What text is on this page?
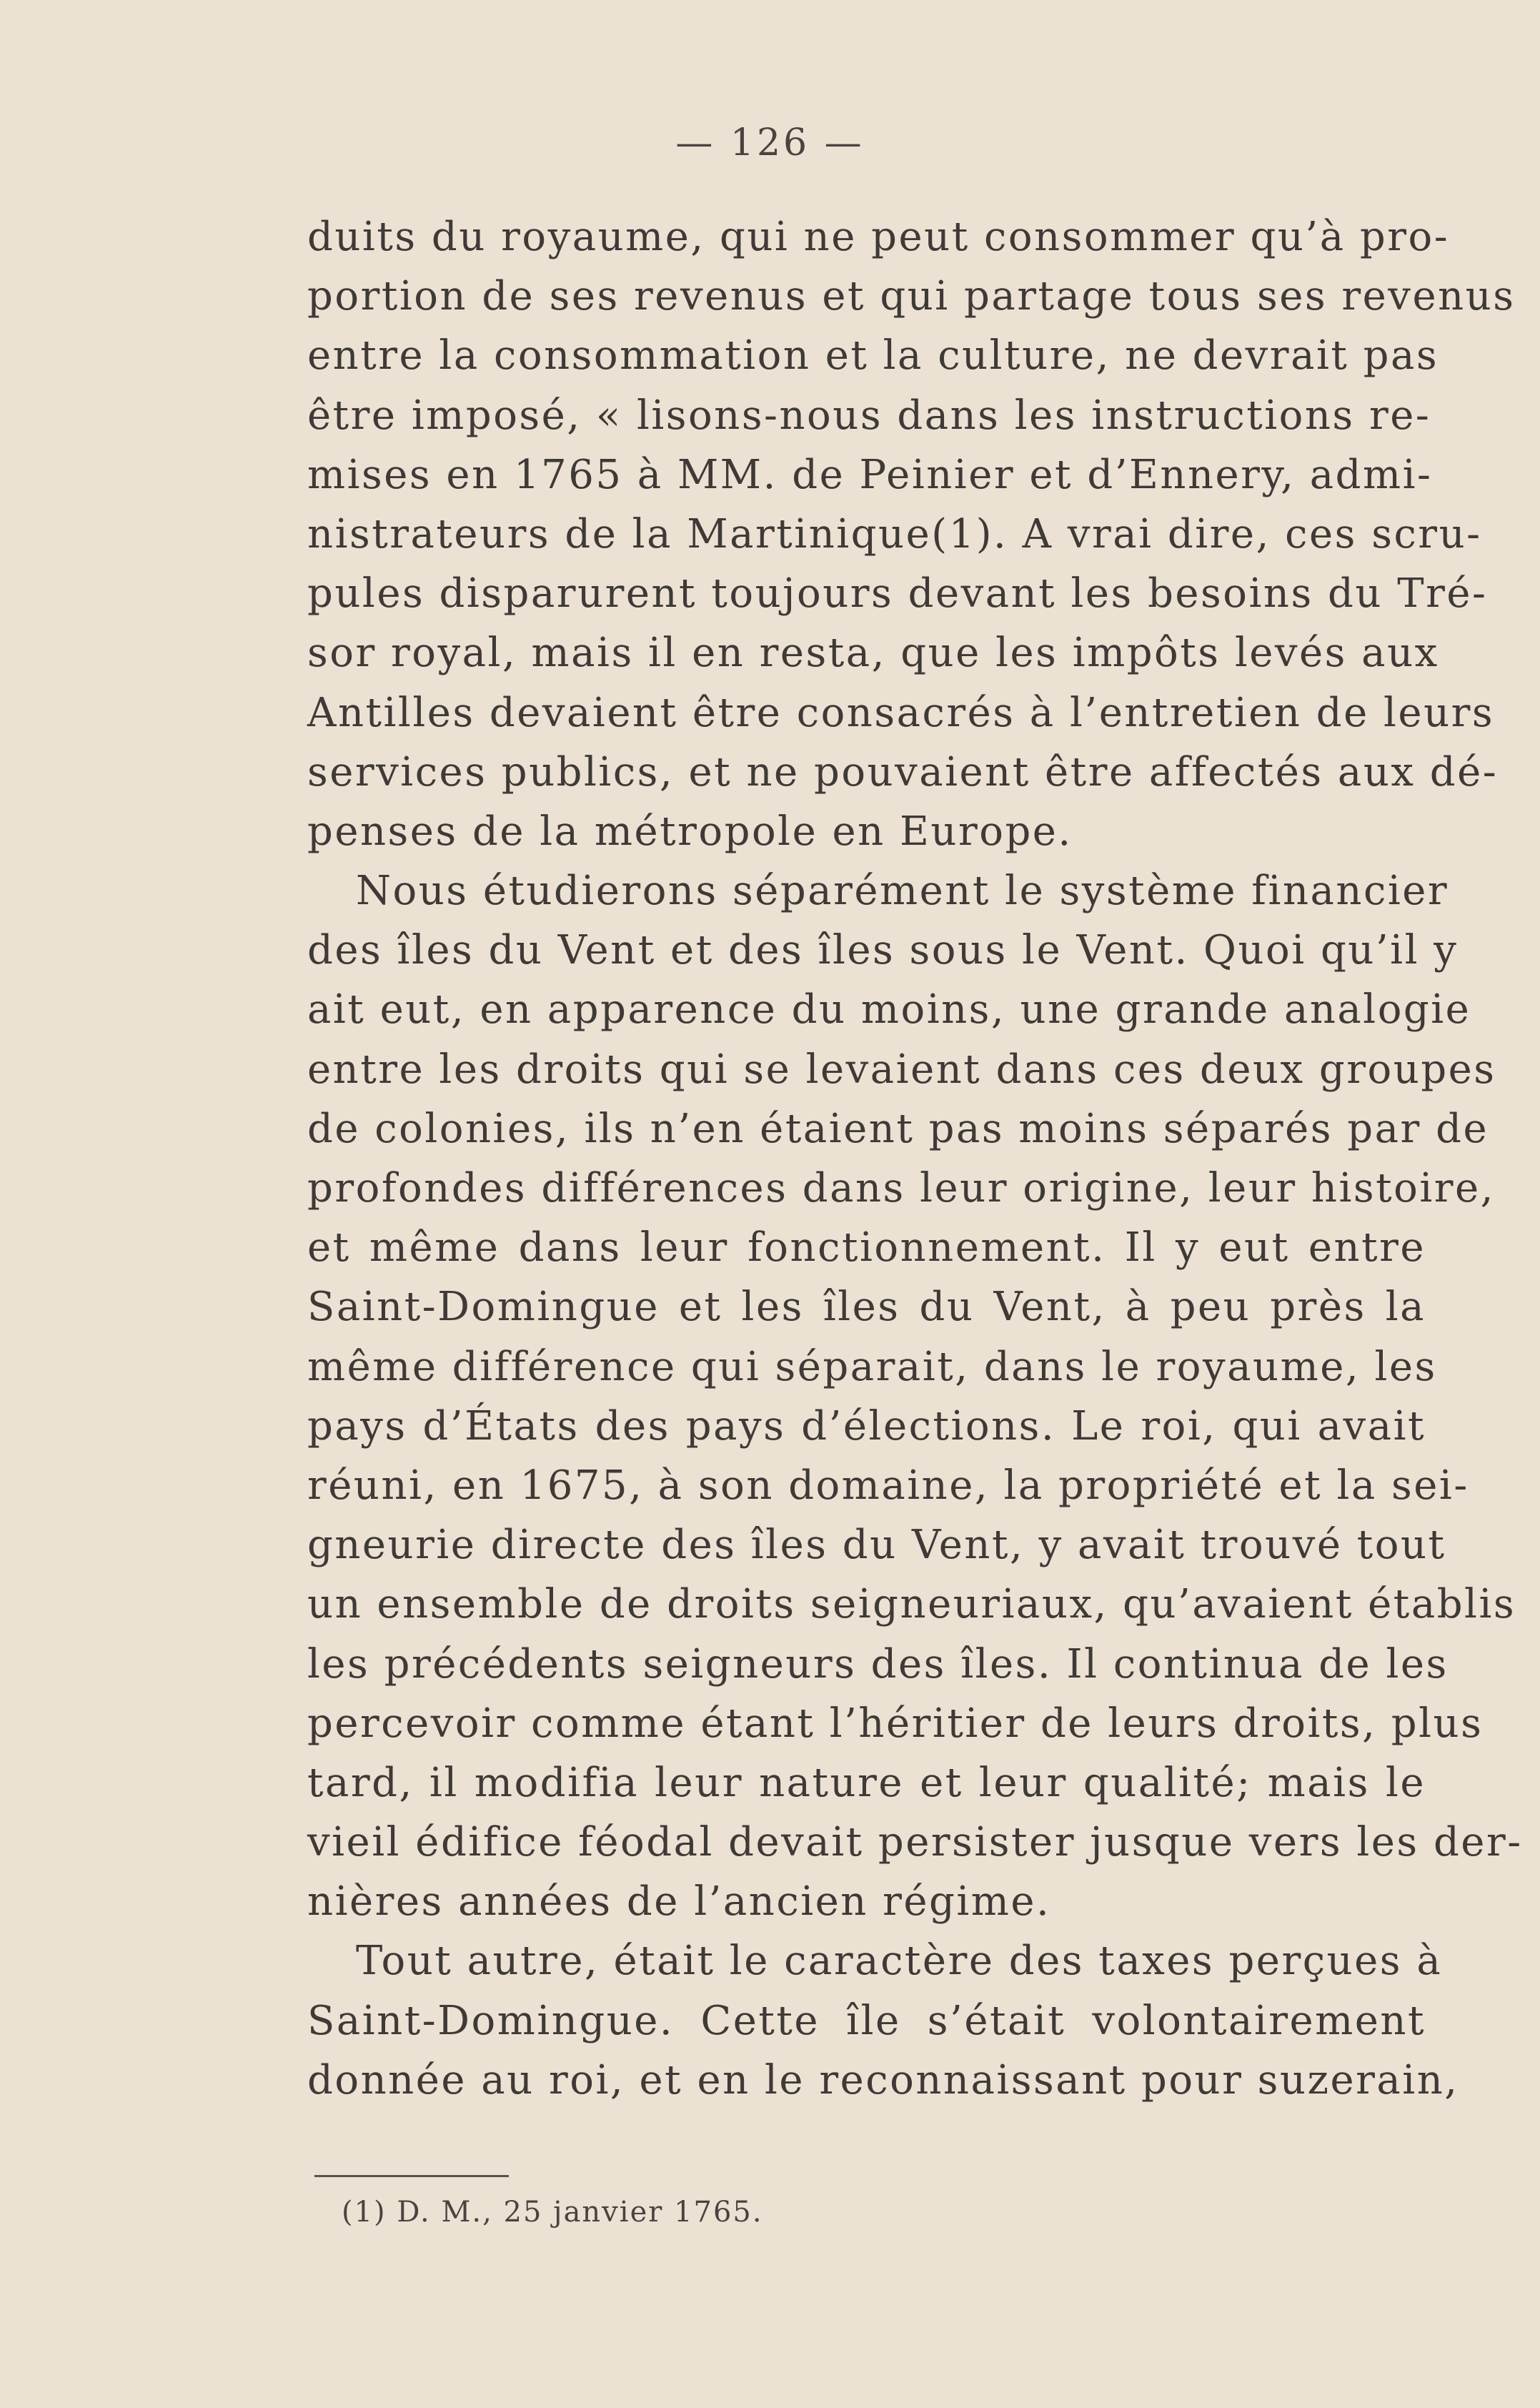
— 126 —
duits du royaume, qui ne peut consommer qu’à pro-
portion de ses revenus et qui partage tous ses revenus
entre la consommation et la culture, ne devrait pas
être imposé, « lisons-nous dans les instructions re-
mises en 1765 à MM. de Peinier et d’Ennery, admi-
nistrateurs de la Martinique(1). A vrai dire, ces scru-
pules disparurent toujours devant les besoins du Tré-
sor royal, mais il en resta, que les impôts levés aux
Antilles devaient être consacrés à l’entretien de leurs
services publics, et ne pouvaient être affectés aux dé-
penses de la métropole en Europe.
Nous étudierons séparément le système financier
des îles du Vent et des îles sous le Vent. Quoi qu’il y
ait eut, en apparence du moins, une grande analogie
entre les droits qui se levaient dans ces deux groupes
de colonies, ils n’en étaient pas moins séparés par de
profondes différences dans leur origine, leur histoire,
et même dans leur fonctionnement. Il y eut entre
Saint-Domingue et les îles du Vent, à peu près la
même différence qui séparait, dans le royaume, les
pays d’États des pays d’élections. Le roi, qui avait
réuni, en 1675, à son domaine, la propriété et la sei-
gneurie directe des îles du Vent, y avait trouvé tout
un ensemble de droits seigneuriaux, qu’avaient établis
les précédents seigneurs des îles. Il continua de les
percevoir comme étant l’héritier de leurs droits, plus
tard, il modifia leur nature et leur qualité; mais le
vieil édifice féodal devait persister jusque vers les der-
nières années de l’ancien régime.
Tout autre, était le caractère des taxes perçues à
Saint-Domingue. Cette île s’était volontairement
donnée au roi, et en le reconnaissant pour suzerain,
(1) D. M., 25 janvier 1765.
